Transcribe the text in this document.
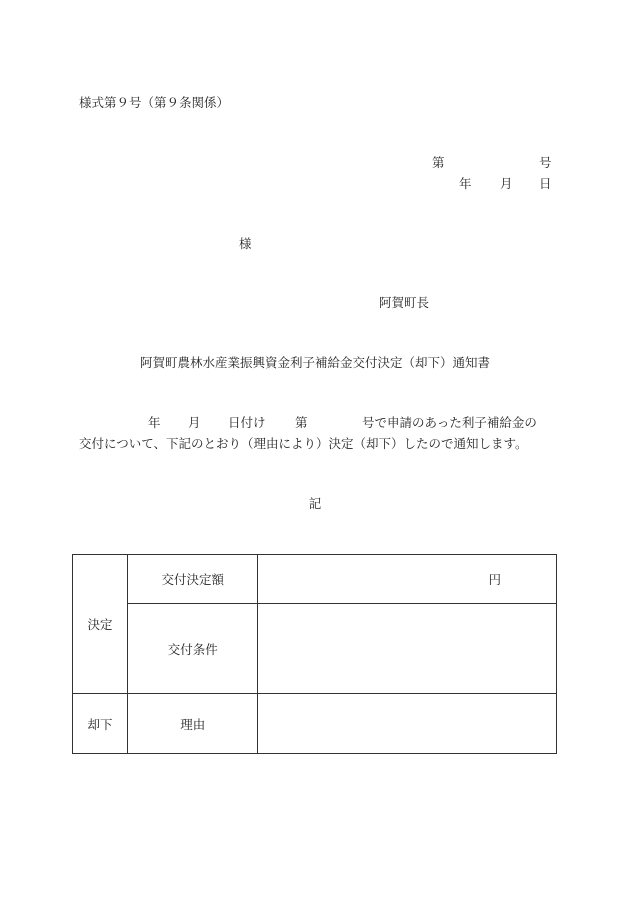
様式第９号（第９条関係）
第	号
年 月 日
様
阿賀町長
阿賀町農林水産業振興資金利子補給金交付決定（却下）通知書
年 月 日付け 第	号で申請のあった利子補給金の
交付について、下記のとおり（理由により）決定（却下）したので通知します。
記
決定	交付決定額	円
	交付条件	
却下	理由	
